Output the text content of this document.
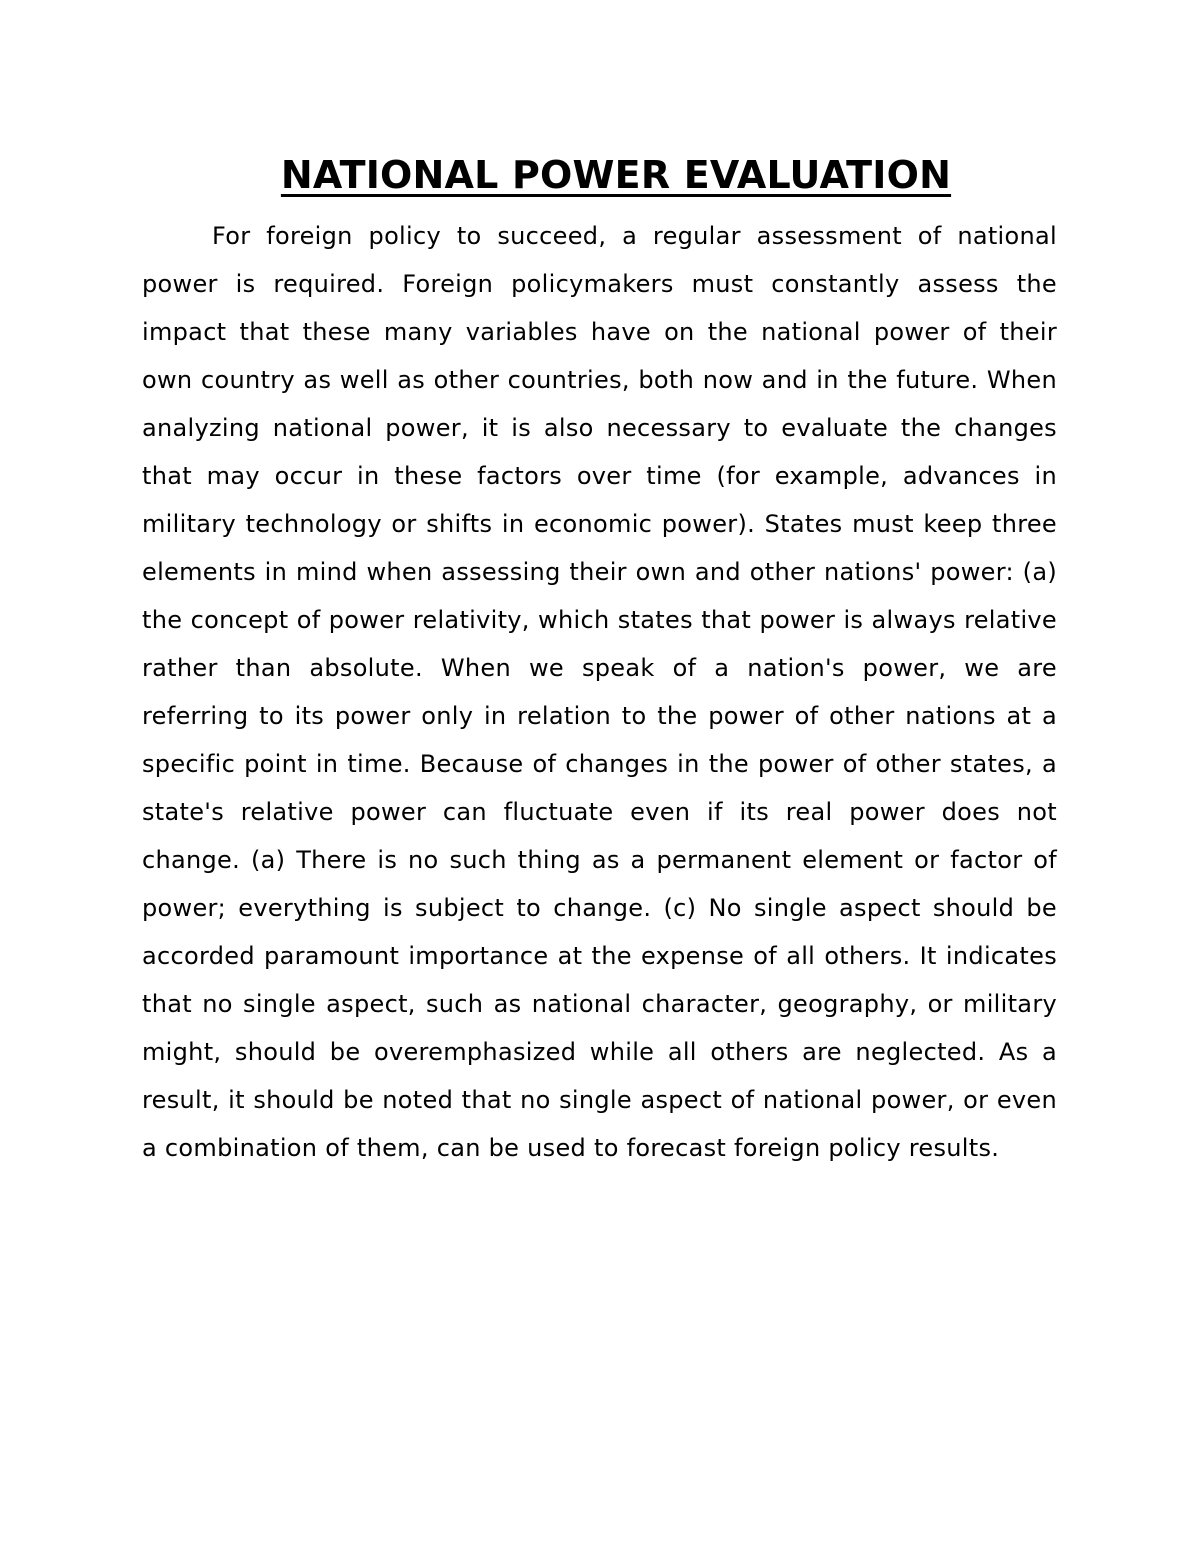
NATIONAL POWER EVALUATION

For foreign policy to succeed, a regular assessment of national power is required. Foreign policymakers must constantly assess the impact that these many variables have on the national power of their own country as well as other countries, both now and in the future. When analyzing national power, it is also necessary to evaluate the changes that may occur in these factors over time (for example, advances in military technology or shifts in economic power). States must keep three elements in mind when assessing their own and other nations' power: (a) the concept of power relativity, which states that power is always relative rather than absolute. When we speak of a nation's power, we are referring to its power only in relation to the power of other nations at a specific point in time. Because of changes in the power of other states, a state's relative power can fluctuate even if its real power does not change. (a) There is no such thing as a permanent element or factor of power; everything is subject to change. (c) No single aspect should be accorded paramount importance at the expense of all others. It indicates that no single aspect, such as national character, geography, or military might, should be overemphasized while all others are neglected. As a result, it should be noted that no single aspect of national power, or even a combination of them, can be used to forecast foreign policy results.
